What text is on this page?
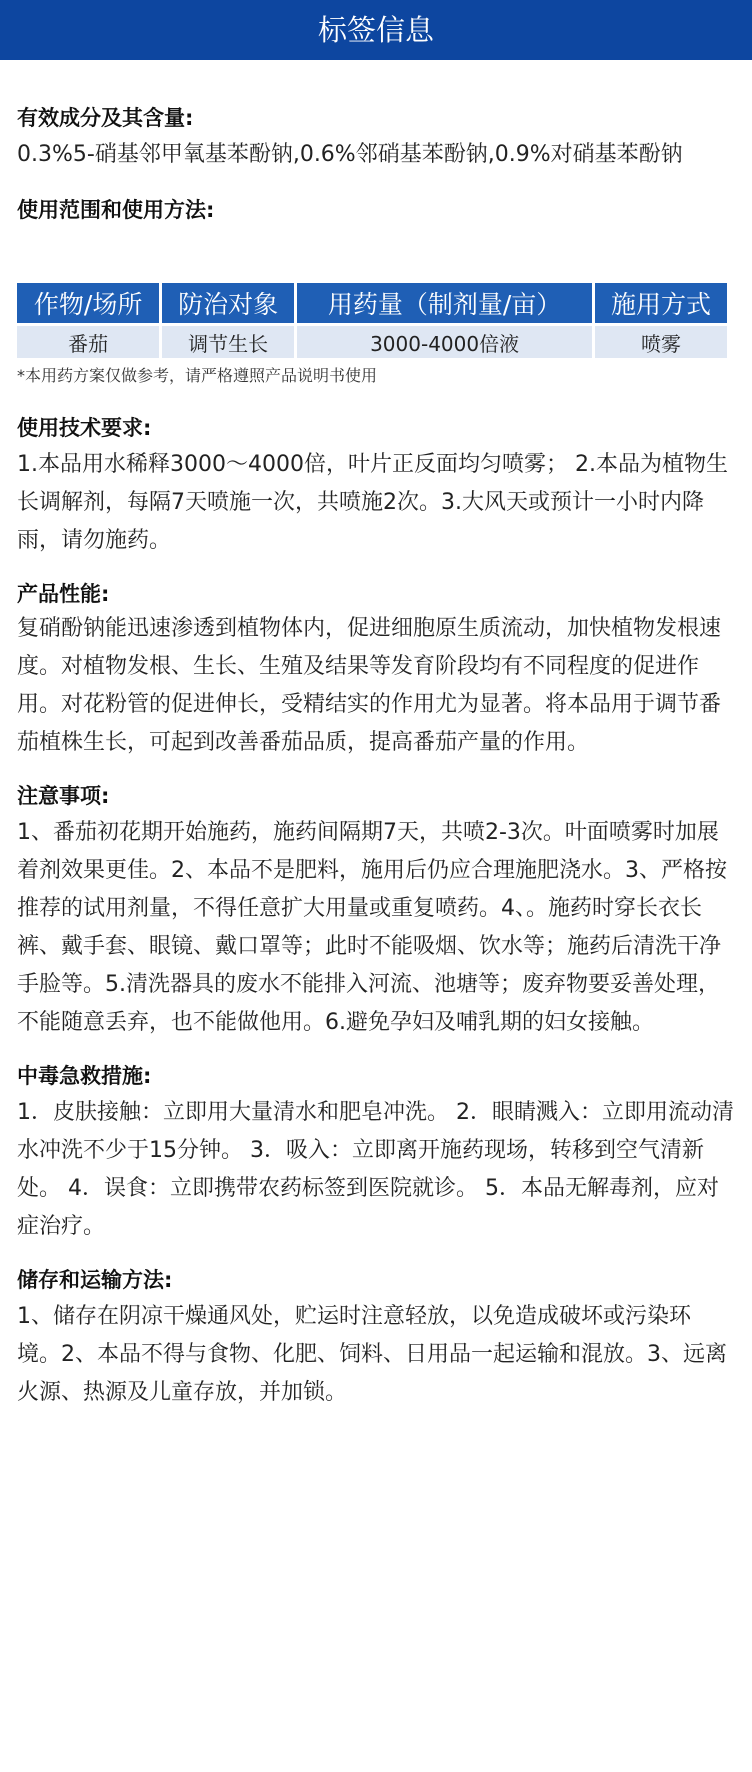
标签信息
有效成分及其含量:

0.3%5-硝基邻甲氧基苯酚钠,0.6%邻硝基苯酚钠,0.9%对硝基苯酚钠

使用范围和使用方法:
作物/场所	防治对象	用药量（制剂量/亩）	施用方式
番茄	调节生长	3000-4000倍液	喷雾
*本用药方案仅做参考，请严格遵照产品说明书使用
使用技术要求:

1.本品用水稀释3000～4000倍，叶片正反面均匀喷雾； 2.本品为植物生长调解剂，每隔7天喷施一次，共喷施2次。3.大风天或预计一小时内降雨，请勿施药。

产品性能:

复硝酚钠能迅速渗透到植物体内，促进细胞原生质流动，加快植物发根速度。对植物发根、生长、生殖及结果等发育阶段均有不同程度的促进作用。对花粉管的促进伸长，受精结实的作用尤为显著。将本品用于调节番茄植株生长，可起到改善番茄品质，提高番茄产量的作用。

注意事项:

1、番茄初花期开始施药，施药间隔期7天，共喷2-3次。叶面喷雾时加展着剂效果更佳。2、本品不是肥料，施用后仍应合理施肥浇水。3、严格按推荐的试用剂量，不得任意扩大用量或重复喷药。4、。施药时穿长衣长裤、戴手套、眼镜、戴口罩等；此时不能吸烟、饮水等；施药后清洗干净手脸等。5.清洗器具的废水不能排入河流、池塘等；废弃物要妥善处理，不能随意丢弃，也不能做他用。6.避免孕妇及哺乳期的妇女接触。

中毒急救措施:

1．皮肤接触：立即用大量清水和肥皂冲洗。 2．眼睛溅入：立即用流动清水冲洗不少于15分钟。 3．吸入：立即离开施药现场，转移到空气清新处。 4．误食：立即携带农药标签到医院就诊。 5．本品无解毒剂，应对症治疗。

储存和运输方法:

1、储存在阴凉干燥通风处，贮运时注意轻放，以免造成破坏或污染环境。2、本品不得与食物、化肥、饲料、日用品一起运输和混放。3、远离火源、热源及儿童存放，并加锁。
